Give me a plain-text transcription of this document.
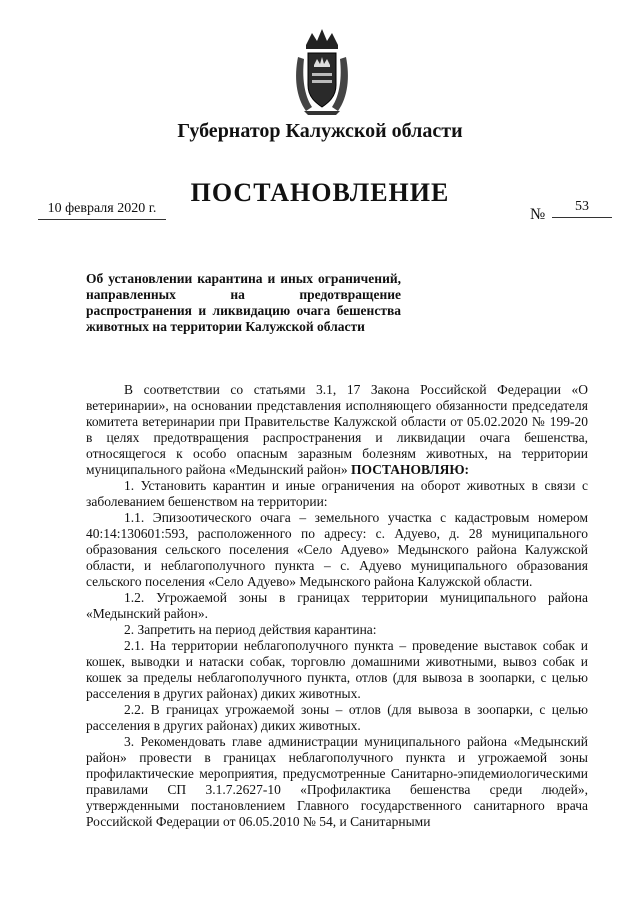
Губернатор Калужской области
ПОСТАНОВЛЕНИЕ
10 февраля 2020 г.	№	53
Об установлении карантина и иных ограничений, направленных на предотвращение распространения и ликвидацию очага бешенства животных на территории Калужской области

В соответствии со статьями 3.1, 17 Закона Российской Федерации «О ветеринарии», на основании представления исполняющего обязанности председателя комитета ветеринарии при Правительстве Калужской области от 05.02.2020 № 199-20 в целях предотвращения распространения и ликвидации очага бешенства, относящегося к особо опасным заразным болезням животных, на территории муниципального района «Медынский район» ПОСТАНОВЛЯЮ:

1. Установить карантин и иные ограничения на оборот животных в связи с заболеванием бешенством на территории:

1.1. Эпизоотического очага – земельного участка с кадастровым номером 40:14:130601:593, расположенного по адресу: с. Адуево, д. 28 муниципального образования сельского поселения «Село Адуево» Медынского района Калужской области, и неблагополучного пункта – с. Адуево муниципального образования сельского поселения «Село Адуево» Медынского района Калужской области.

1.2. Угрожаемой зоны в границах территории муниципального района «Медынский район».

2. Запретить на период действия карантина:

2.1. На территории неблагополучного пункта – проведение выставок собак и кошек, выводки и натаски собак, торговлю домашними животными, вывоз собак и кошек за пределы неблагополучного пункта, отлов (для вывоза в зоопарки, с целью расселения в других районах) диких животных.

2.2. В границах угрожаемой зоны – отлов (для вывоза в зоопарки, с целью расселения в других районах) диких животных.

3. Рекомендовать главе администрации муниципального района «Медынский район» провести в границах неблагополучного пункта и угрожаемой зоны профилактические мероприятия, предусмотренные Санитарно-эпидемиологическими правилами СП 3.1.7.2627-10 «Профилактика бешенства среди людей», утвержденными постановлением Главного государственного санитарного врача Российской Федерации от 06.05.2010 № 54, и Санитарными
